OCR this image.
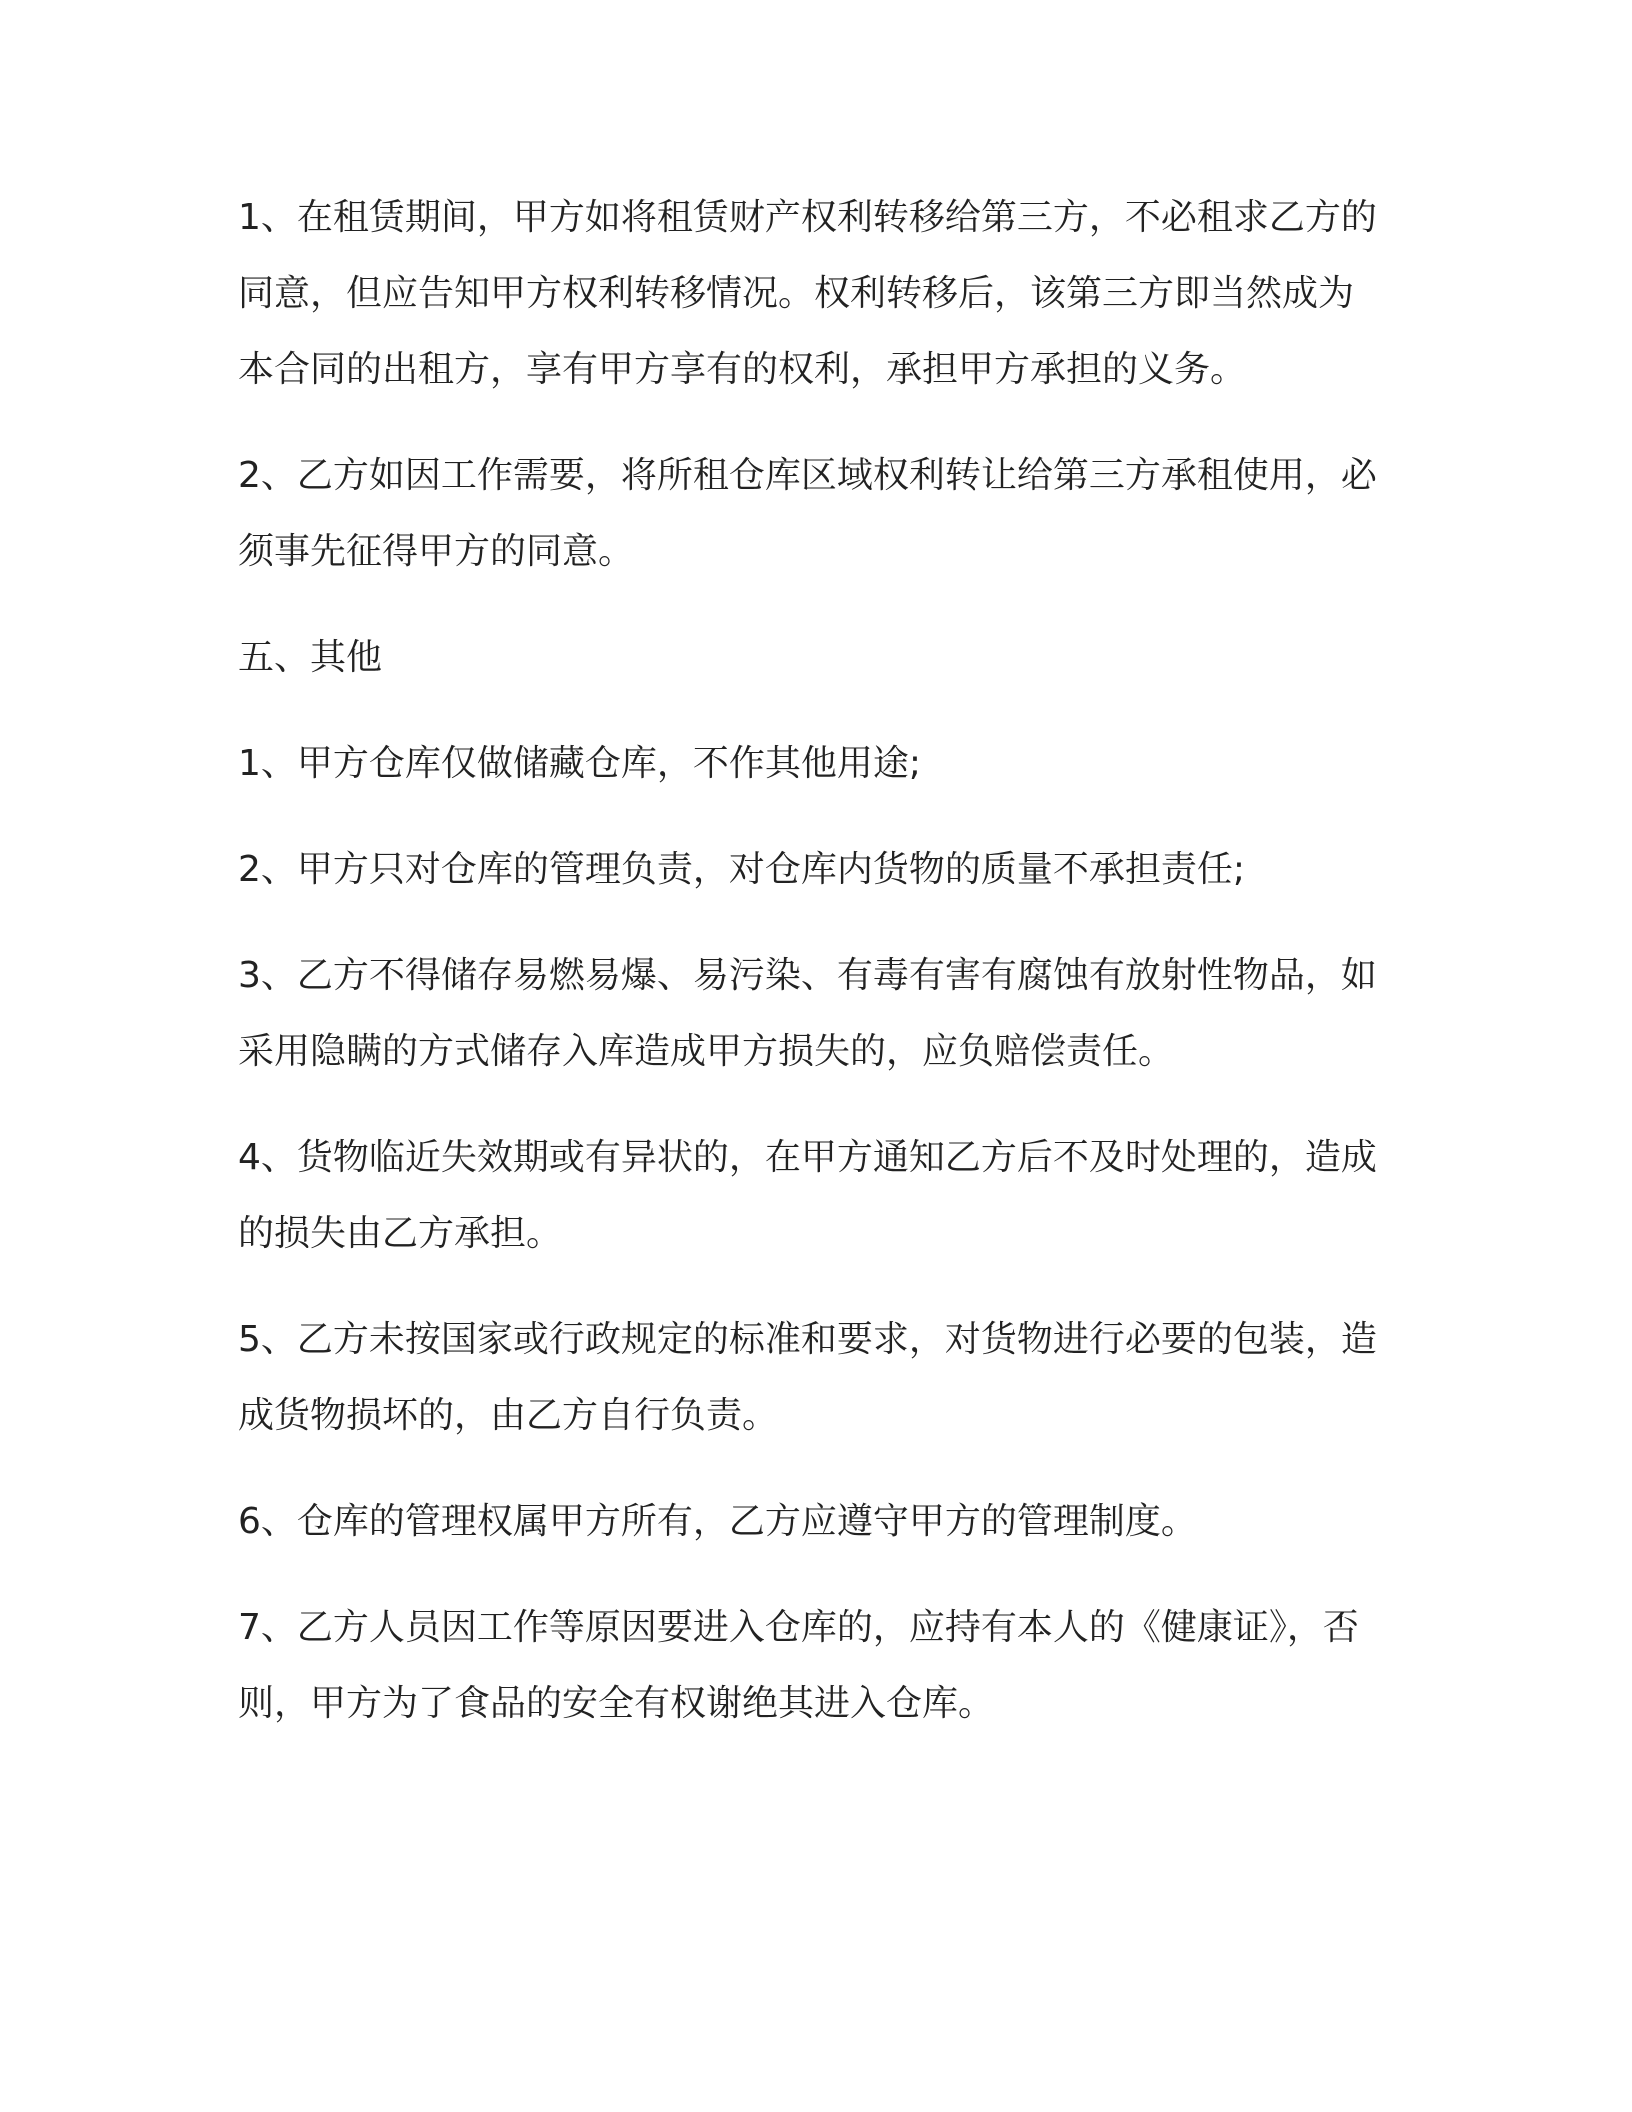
1、在租赁期间，甲方如将租赁财产权利转移给第三方，不必租求乙方的同意，但应告知甲方权利转移情况。权利转移后，该第三方即当然成为本合同的出租方，享有甲方享有的权利，承担甲方承担的义务。

2、乙方如因工作需要，将所租仓库区域权利转让给第三方承租使用，必须事先征得甲方的同意。

五、其他

1、甲方仓库仅做储藏仓库，不作其他用途;

2、甲方只对仓库的管理负责，对仓库内货物的质量不承担责任;

3、乙方不得储存易燃易爆、易污染、有毒有害有腐蚀有放射性物品，如采用隐瞒的方式储存入库造成甲方损失的，应负赔偿责任。

4、货物临近失效期或有异状的，在甲方通知乙方后不及时处理的，造成的损失由乙方承担。

5、乙方未按国家或行政规定的标准和要求，对货物进行必要的包装，造成货物损坏的，由乙方自行负责。

6、仓库的管理权属甲方所有，乙方应遵守甲方的管理制度。

7、乙方人员因工作等原因要进入仓库的，应持有本人的《健康证》，否则，甲方为了食品的安全有权谢绝其进入仓库。
